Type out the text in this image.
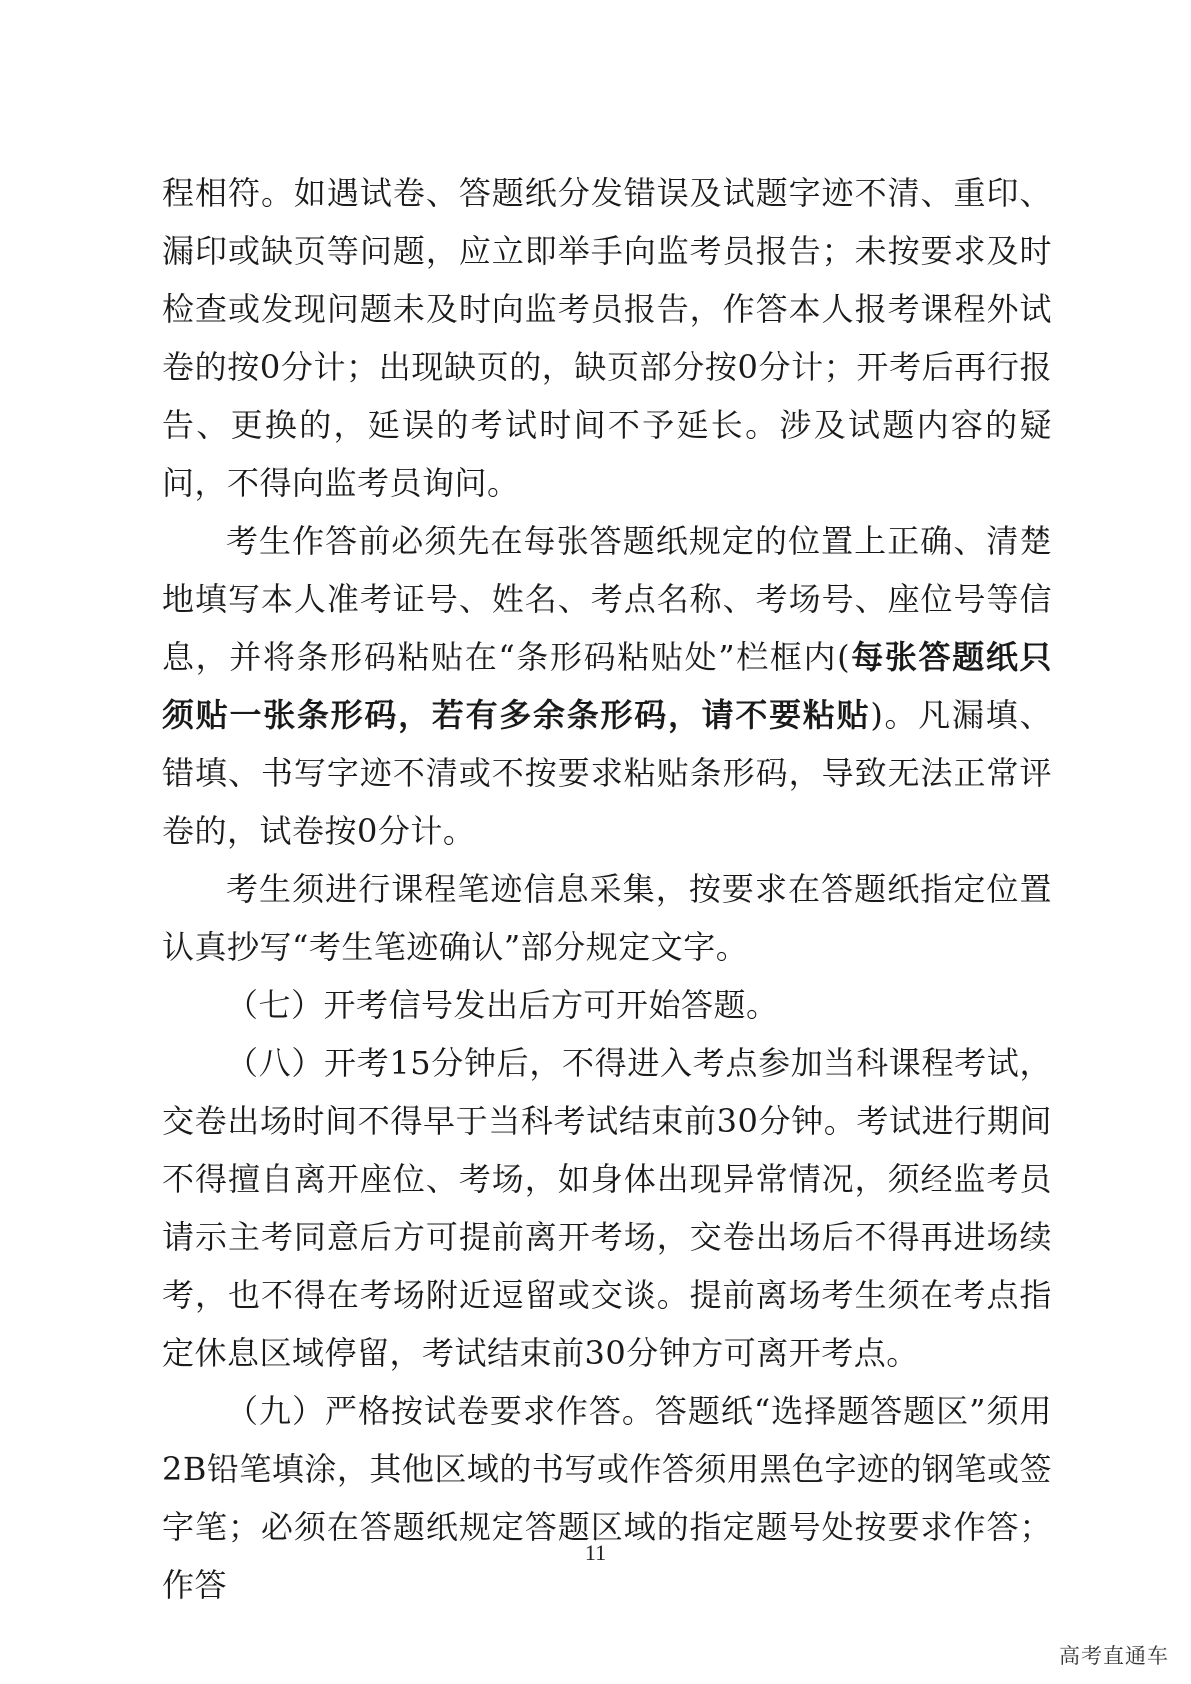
程相符。如遇试卷、答题纸分发错误及试题字迹不清、重印、漏印或缺页等问题，应立即举手向监考员报告；未按要求及时检查或发现问题未及时向监考员报告，作答本人报考课程外试卷的按0分计；出现缺页的，缺页部分按0分计；开考后再行报告、更换的，延误的考试时间不予延长。涉及试题内容的疑问，不得向监考员询问。

考生作答前必须先在每张答题纸规定的位置上正确、清楚地填写本人准考证号、姓名、考点名称、考场号、座位号等信息，并将条形码粘贴在“条形码粘贴处”栏框内(每张答题纸只须贴一张条形码，若有多余条形码，请不要粘贴)。凡漏填、错填、书写字迹不清或不按要求粘贴条形码，导致无法正常评卷的，试卷按0分计。

考生须进行课程笔迹信息采集，按要求在答题纸指定位置认真抄写“考生笔迹确认”部分规定文字。

（七）开考信号发出后方可开始答题。

（八）开考15分钟后，不得进入考点参加当科课程考试，交卷出场时间不得早于当科考试结束前30分钟。考试进行期间不得擅自离开座位、考场，如身体出现异常情况，须经监考员请示主考同意后方可提前离开考场，交卷出场后不得再进场续考，也不得在考场附近逗留或交谈。提前离场考生须在考点指定休息区域停留，考试结束前30分钟方可离开考点。

（九）严格按试卷要求作答。答题纸“选择题答题区”须用2B铅笔填涂，其他区域的书写或作答须用黑色字迹的钢笔或签字笔；必须在答题纸规定答题区域的指定题号处按要求作答；作答

11
高考直通车
